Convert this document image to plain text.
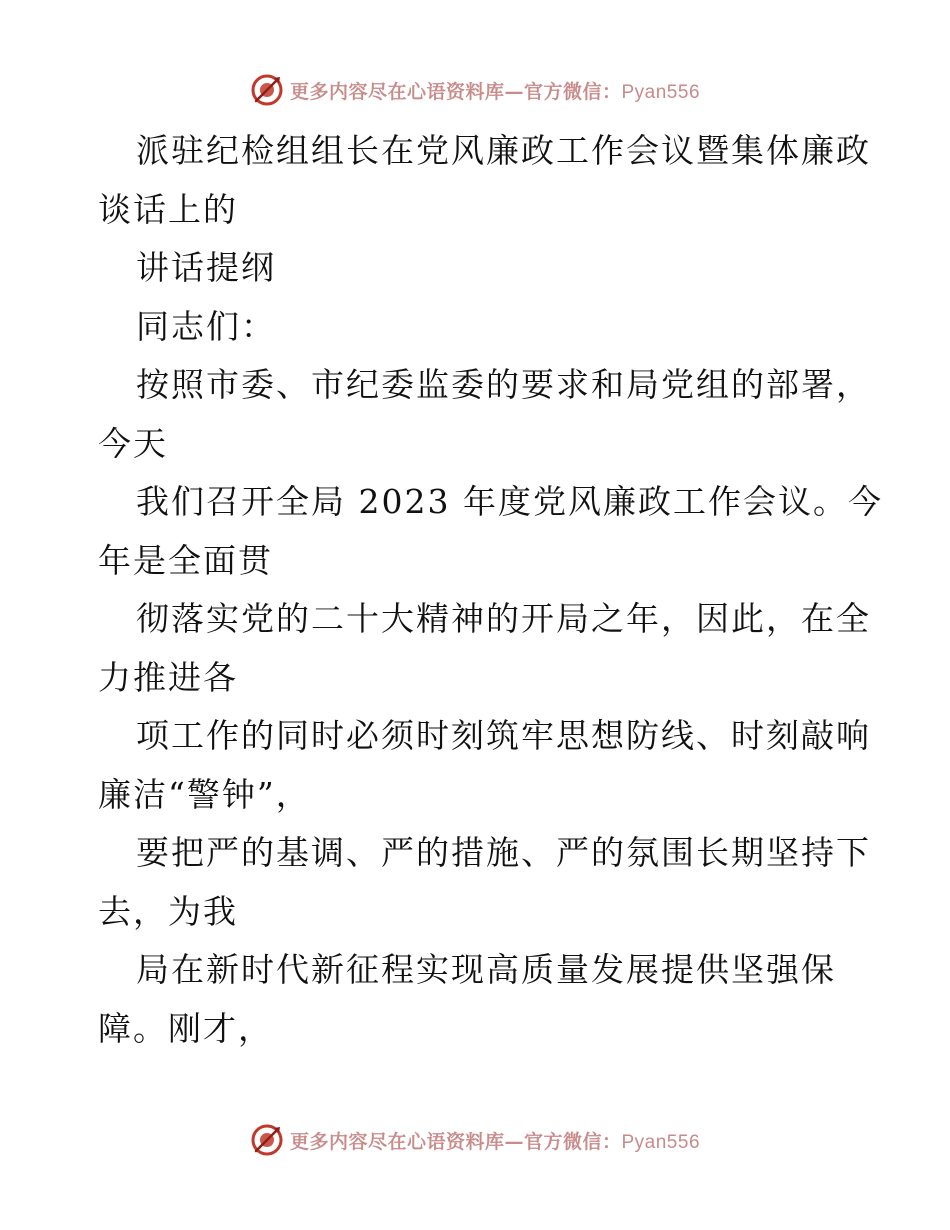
更多内容尽在心语资料库—官方微信：Pyan556
派驻纪检组组长在党风廉政工作会议暨集体廉政
谈话上的
讲话提纲
同志们：
按照市委、市纪委监委的要求和局党组的部署，
今天
我们召开全局 2023 年度党风廉政工作会议。今
年是全面贯
彻落实党的二十大精神的开局之年，因此，在全
力推进各
项工作的同时必须时刻筑牢思想防线、时刻敲响
廉洁“警钟”，
要把严的基调、严的措施、严的氛围长期坚持下
去，为我
局在新时代新征程实现高质量发展提供坚强保
障。刚才，
更多内容尽在心语资料库—官方微信：Pyan556
